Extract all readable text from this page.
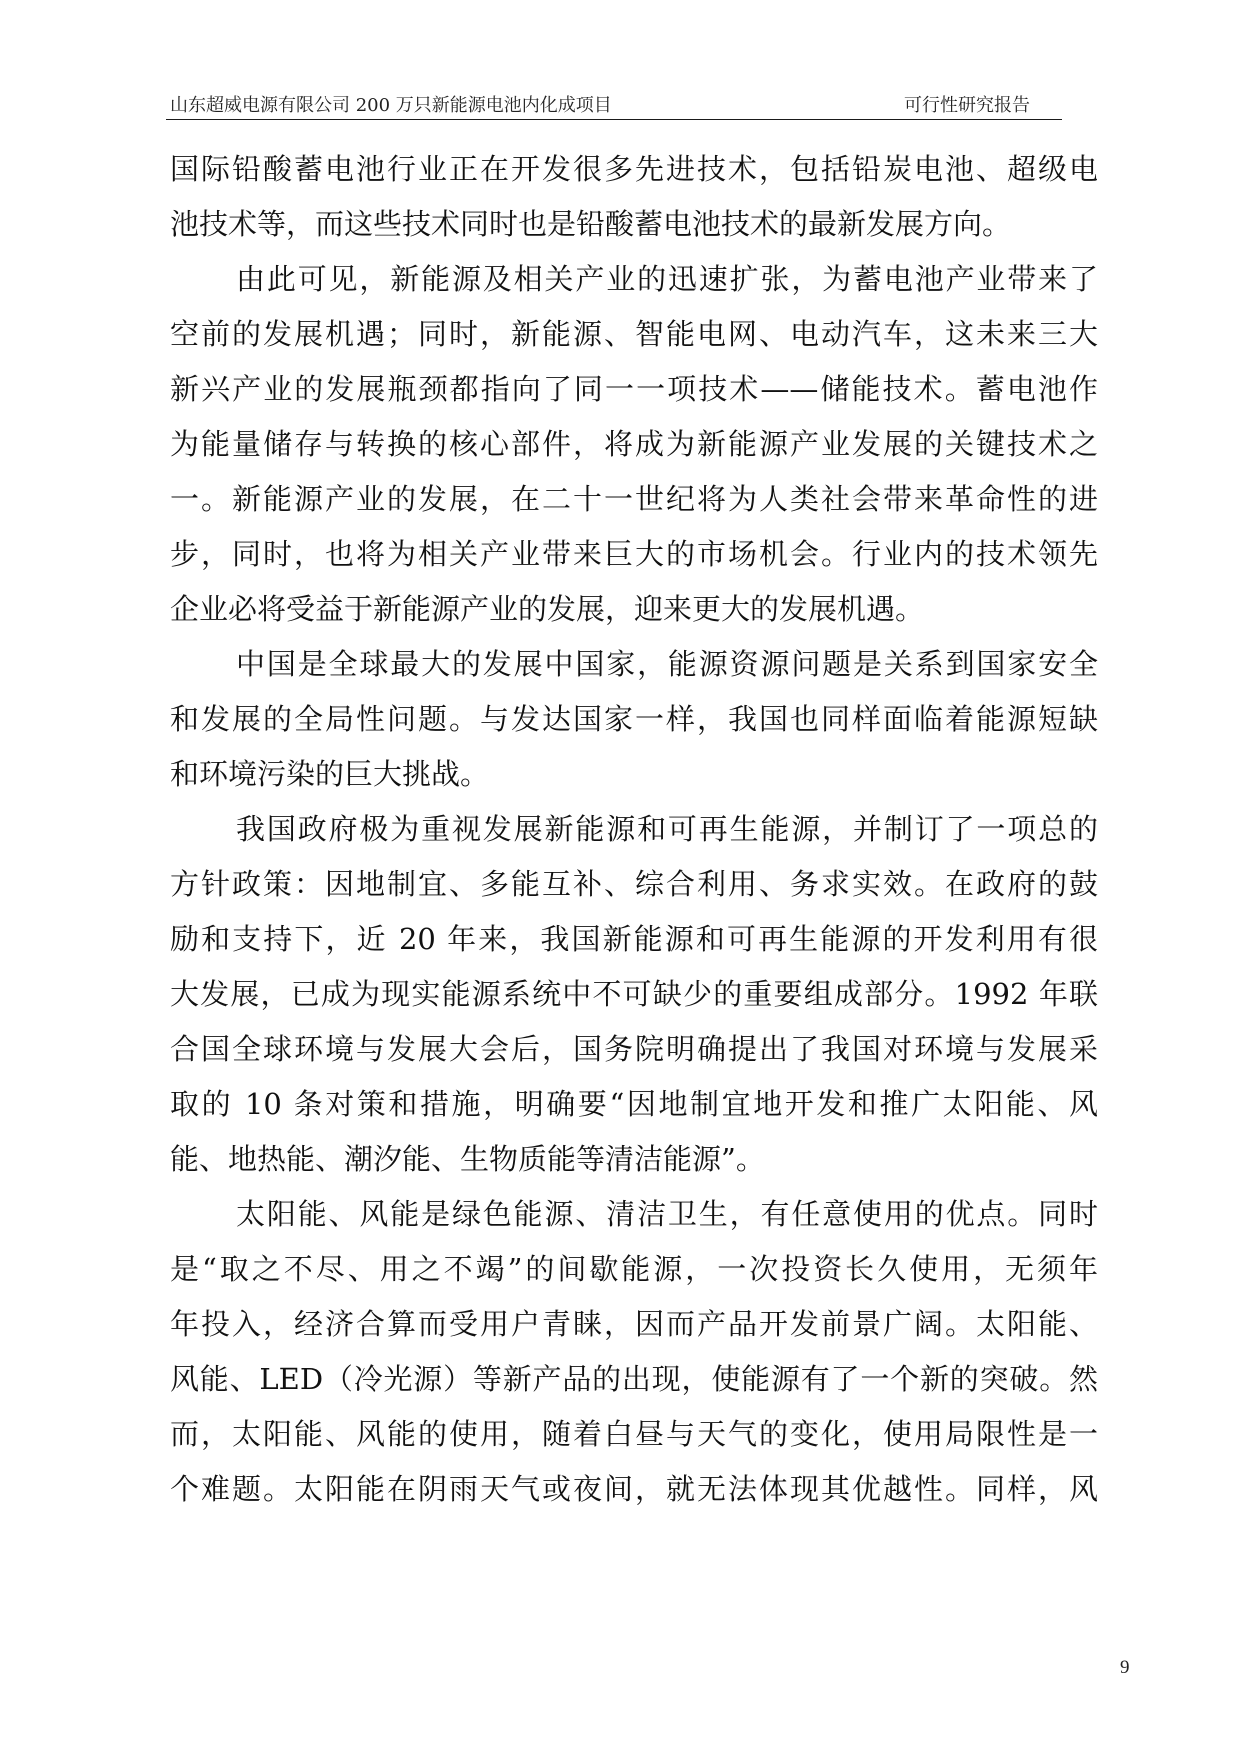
山东超威电源有限公司 200 万只新能源电池内化成项目	可行性研究报告

国际铅酸蓄电池行业正在开发很多先进技术，包括铅炭电池、超级电
池技术等，而这些技术同时也是铅酸蓄电池技术的最新发展方向。

由此可见，新能源及相关产业的迅速扩张，为蓄电池产业带来了
空前的发展机遇；同时，新能源、智能电网、电动汽车，这未来三大
新兴产业的发展瓶颈都指向了同一一项技术——储能技术。蓄电池作
为能量储存与转换的核心部件，将成为新能源产业发展的关键技术之
一。新能源产业的发展，在二十一世纪将为人类社会带来革命性的进
步，同时，也将为相关产业带来巨大的市场机会。行业内的技术领先
企业必将受益于新能源产业的发展，迎来更大的发展机遇。

中国是全球最大的发展中国家，能源资源问题是关系到国家安全
和发展的全局性问题。与发达国家一样，我国也同样面临着能源短缺
和环境污染的巨大挑战。

我国政府极为重视发展新能源和可再生能源，并制订了一项总的
方针政策：因地制宜、多能互补、综合利用、务求实效。在政府的鼓
励和支持下，近 20 年来，我国新能源和可再生能源的开发利用有很
大发展，已成为现实能源系统中不可缺少的重要组成部分。1992 年联
合国全球环境与发展大会后，国务院明确提出了我国对环境与发展采
取的 10 条对策和措施，明确要“因地制宜地开发和推广太阳能、风
能、地热能、潮汐能、生物质能等清洁能源”。

太阳能、风能是绿色能源、清洁卫生，有任意使用的优点。同时
是“取之不尽、用之不竭”的间歇能源，一次投资长久使用，无须年
年投入，经济合算而受用户青睐，因而产品开发前景广阔。太阳能、
风能、LED（冷光源）等新产品的出现，使能源有了一个新的突破。然
而，太阳能、风能的使用，随着白昼与天气的变化，使用局限性是一
个难题。太阳能在阴雨天气或夜间，就无法体现其优越性。同样，风

9
